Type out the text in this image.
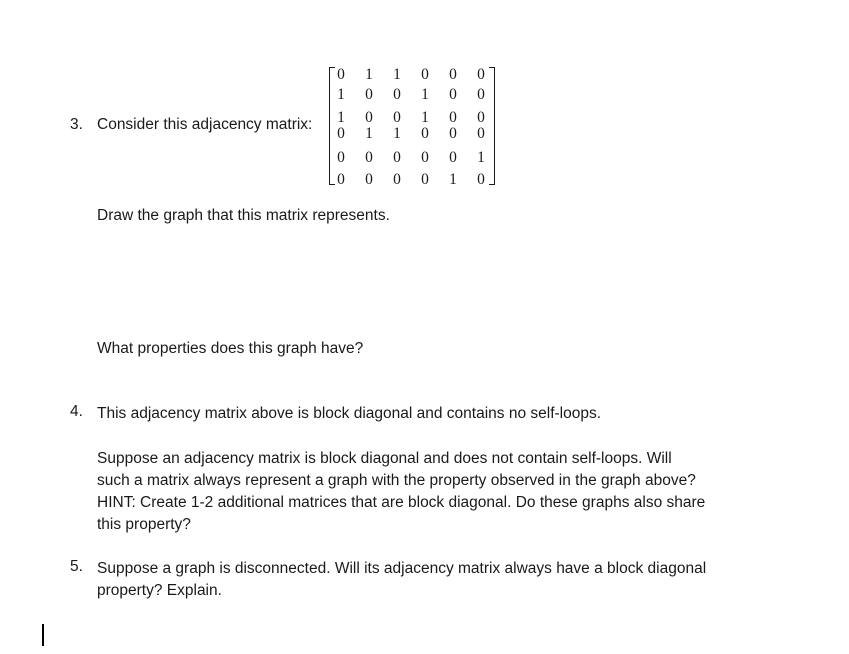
3. Consider this adjacency matrix:
0 1 1 0 0 0
1 0 0 1 0 0
1 0 0 1 0 0
0 1 1 0 0 0
0 0 0 0 0 1
0 0 0 0 1 0
Draw the graph that this matrix represents.
What properties does this graph have?
4. This adjacency matrix above is block diagonal and contains no self-loops.
Suppose an adjacency matrix is block diagonal and does not contain self-loops. Will
such a matrix always represent a graph with the property observed in the graph above?
HINT: Create 1-2 additional matrices that are block diagonal. Do these graphs also share
this property?
5. Suppose a graph is disconnected. Will its adjacency matrix always have a block diagonal
property? Explain.
